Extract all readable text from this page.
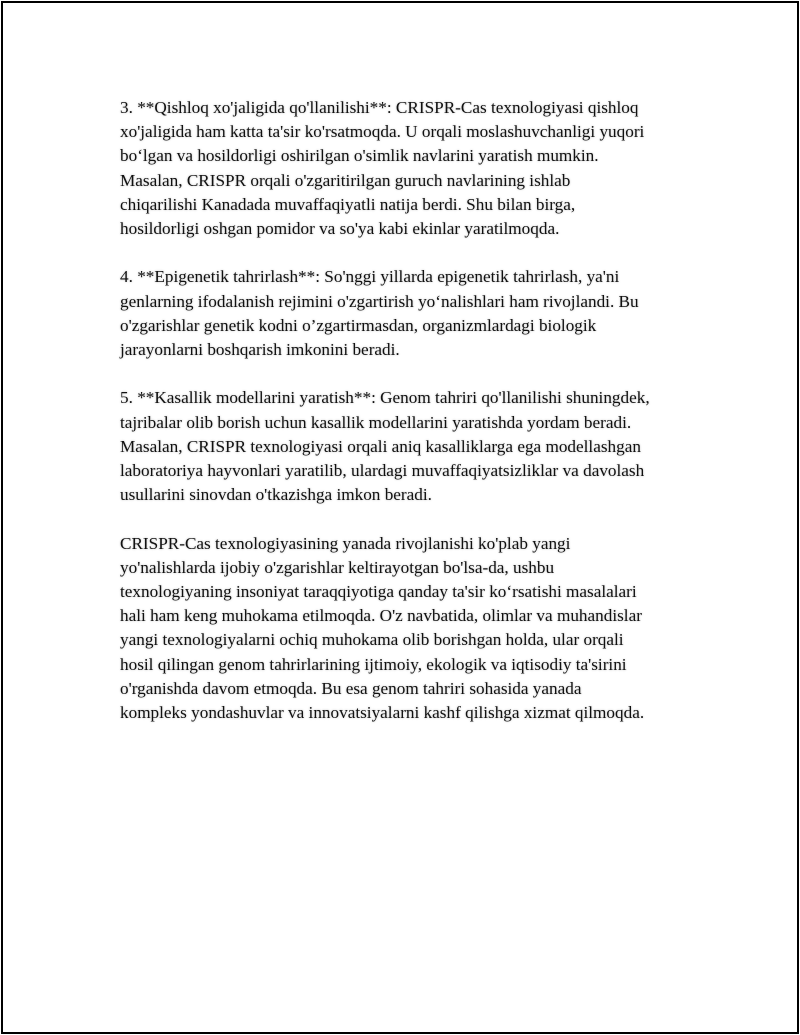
3. **Qishloq xo'jaligida qo'llanilishi**: CRISPR-Cas texnologiyasi qishloq
xo'jaligida ham katta ta'sir ko'rsatmoqda. U orqali moslashuvchanligi yuqori
bo‘lgan va hosildorligi oshirilgan o'simlik navlarini yaratish mumkin.
Masalan, CRISPR orqali o'zgaritirilgan guruch navlarining ishlab
chiqarilishi Kanadada muvaffaqiyatli natija berdi. Shu bilan birga,
hosildorligi oshgan pomidor va so'ya kabi ekinlar yaratilmoqda.

4. **Epigenetik tahrirlash**: So'nggi yillarda epigenetik tahrirlash, ya'ni
genlarning ifodalanish rejimini o'zgartirish yo‘nalishlari ham rivojlandi. Bu
o'zgarishlar genetik kodni o’zgartirmasdan, organizmlardagi biologik
jarayonlarni boshqarish imkonini beradi.

5. **Kasallik modellarini yaratish**: Genom tahriri qo'llanilishi shuningdek,
tajribalar olib borish uchun kasallik modellarini yaratishda yordam beradi.
Masalan, CRISPR texnologiyasi orqali aniq kasalliklarga ega modellashgan
laboratoriya hayvonlari yaratilib, ulardagi muvaffaqiyatsizliklar va davolash
usullarini sinovdan o'tkazishga imkon beradi.

CRISPR-Cas texnologiyasining yanada rivojlanishi ko'plab yangi
yo'nalishlarda ijobiy o'zgarishlar keltirayotgan bo'lsa-da, ushbu
texnologiyaning insoniyat taraqqiyotiga qanday ta'sir ko‘rsatishi masalalari
hali ham keng muhokama etilmoqda. O'z navbatida, olimlar va muhandislar
yangi texnologiyalarni ochiq muhokama olib borishgan holda, ular orqali
hosil qilingan genom tahrirlarining ijtimoiy, ekologik va iqtisodiy ta'sirini
o'rganishda davom etmoqda. Bu esa genom tahriri sohasida yanada
kompleks yondashuvlar va innovatsiyalarni kashf qilishga xizmat qilmoqda.
